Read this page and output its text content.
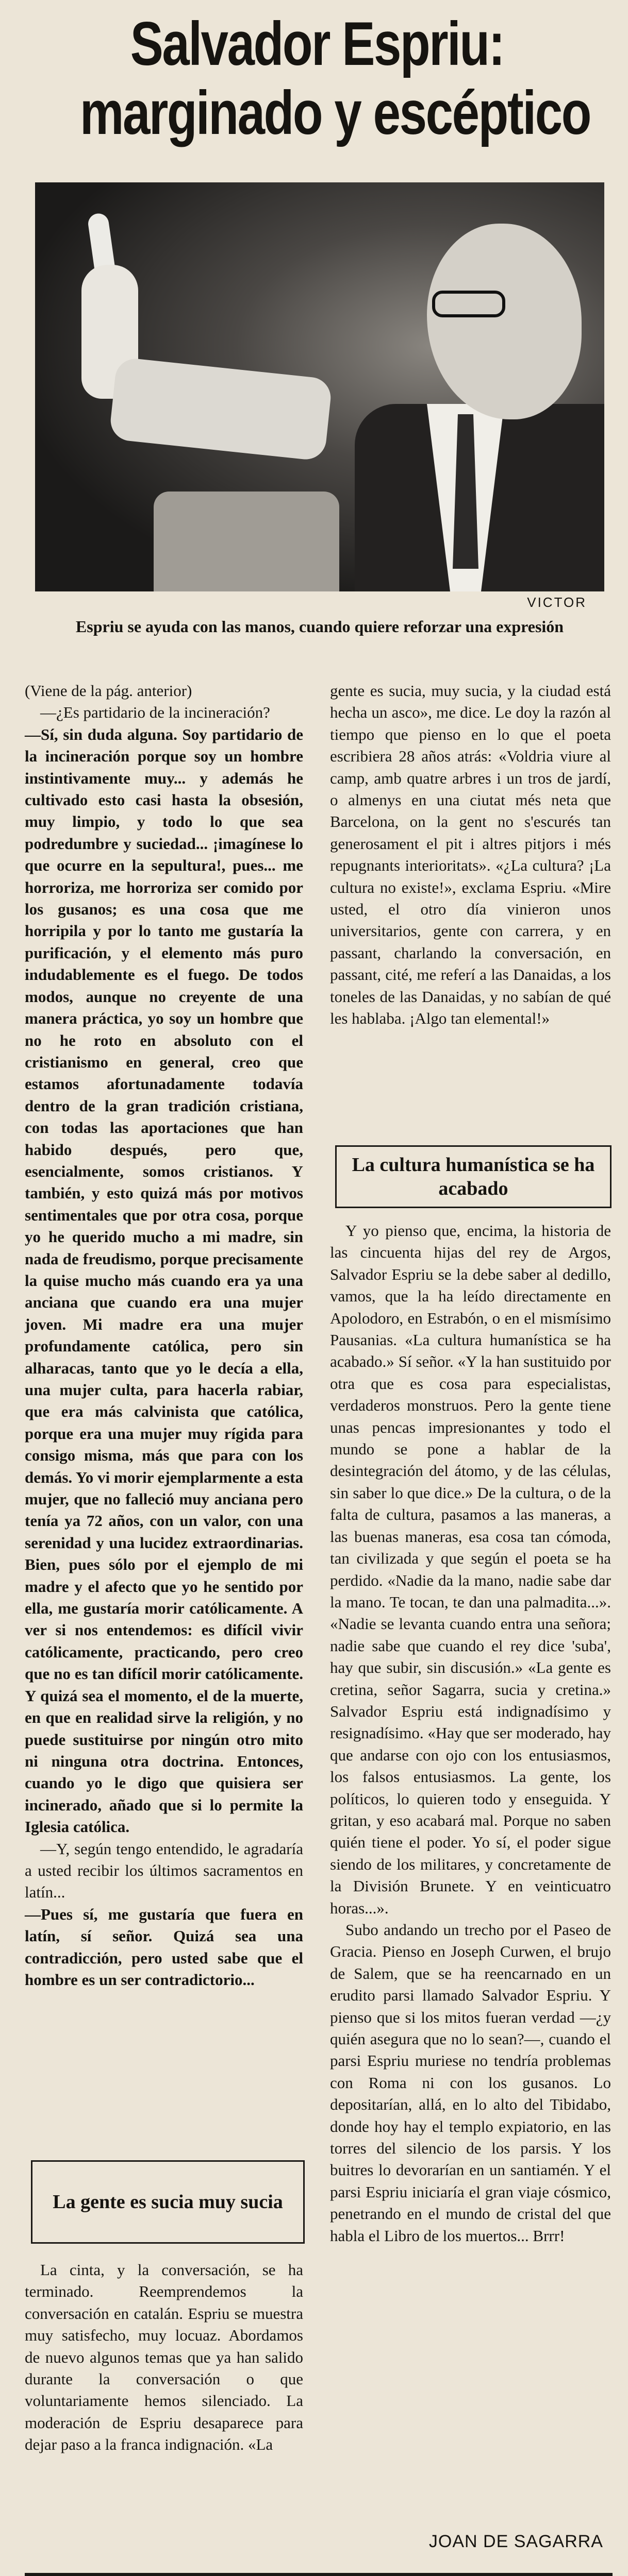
Salvador Espriu:
marginado y escéptico
VICTOR
Espriu se ayuda con las manos, cuando quiere reforzar una expresión

(Viene de la pág. anterior)

—¿Es partidario de la incineración?

—Sí, sin duda alguna. Soy partidario de la incineración porque soy un hombre instintivamente muy... y además he cultivado esto casi hasta la obsesión, muy limpio, y todo lo que sea podredumbre y suciedad... ¡imagínese lo que ocurre en la sepultura!, pues... me horroriza, me horroriza ser comido por los gusanos; es una cosa que me horripila y por lo tanto me gustaría la purificación, y el elemento más puro indudablemente es el fuego. De todos modos, aunque no creyente de una manera práctica, yo soy un hombre que no he roto en absoluto con el cristianismo en general, creo que estamos afortunadamente todavía dentro de la gran tradición cristiana, con todas las aportaciones que han habido después, pero que, esencialmente, somos cristianos. Y también, y esto quizá más por motivos sentimentales que por otra cosa, porque yo he querido mucho a mi madre, sin nada de freudismo, porque precisamente la quise mucho más cuando era ya una anciana que cuando era una mujer joven. Mi madre era una mujer profundamente católica, pero sin alharacas, tanto que yo le decía a ella, una mujer culta, para hacerla rabiar, que era más calvinista que católica, porque era una mujer muy rígida para consigo misma, más que para con los demás. Yo vi morir ejemplarmente a esta mujer, que no falleció muy anciana pero tenía ya 72 años, con un valor, con una serenidad y una lucidez extraordinarias. Bien, pues sólo por el ejemplo de mi madre y el afecto que yo he sentido por ella, me gustaría morir católicamente. A ver si nos entendemos: es difícil vivir católicamente, practicando, pero creo que no es tan difícil morir católicamente. Y quizá sea el momento, el de la muerte, en que en realidad sirve la religión, y no puede sustituirse por ningún otro mito ni ninguna otra doctrina. Entonces, cuando yo le digo que quisiera ser incinerado, añado que si lo permite la Iglesia católica.

—Y, según tengo entendido, le agradaría a usted recibir los últimos sacramentos en latín...

—Pues sí, me gustaría que fuera en latín, sí señor. Quizá sea una contradicción, pero usted sabe que el hombre es un ser contradictorio...

La gente es sucia muy sucia

La cinta, y la conversación, se ha terminado. Reemprendemos la conversación en catalán. Espriu se muestra muy satisfecho, muy locuaz. Abordamos de nuevo algunos temas que ya han salido durante la conversación o que voluntariamente hemos silenciado. La moderación de Espriu desaparece para dejar paso a la franca indignación. «La

gente es sucia, muy sucia, y la ciudad está hecha un asco», me dice. Le doy la razón al tiempo que pienso en lo que el poeta escribiera 28 años atrás: «Voldria viure al camp, amb quatre arbres i un tros de jardí, o almenys en una ciutat més neta que Barcelona, on la gent no s'escurés tan generosament el pit i altres pitjors i més repugnants interioritats». «¿La cultura? ¡La cultura no existe!», exclama Espriu. «Mire usted, el otro día vinieron unos universitarios, gente con carrera, y en passant, charlando la conversación, en passant, cité, me referí a las Danaidas, a los toneles de las Danaidas, y no sabían de qué les hablaba. ¡Algo tan elemental!»

La cultura humanística se ha acabado

Y yo pienso que, encima, la historia de las cincuenta hijas del rey de Argos, Salvador Espriu se la debe saber al dedillo, vamos, que la ha leído directamente en Apolodoro, en Estrabón, o en el mismísimo Pausanias. «La cultura humanística se ha acabado.» Sí señor. «Y la han sustituido por otra que es cosa para especialistas, verdaderos monstruos. Pero la gente tiene unas pencas impresionantes y todo el mundo se pone a hablar de la desintegración del átomo, y de las células, sin saber lo que dice.» De la cultura, o de la falta de cultura, pasamos a las maneras, a las buenas maneras, esa cosa tan cómoda, tan civilizada y que según el poeta se ha perdido. «Nadie da la mano, nadie sabe dar la mano. Te tocan, te dan una palmadita...». «Nadie se levanta cuando entra una señora; nadie sabe que cuando el rey dice 'suba', hay que subir, sin discusión.» «La gente es cretina, señor Sagarra, sucia y cretina.» Salvador Espriu está indignadísimo y resignadísimo. «Hay que ser moderado, hay que andarse con ojo con los entusiasmos, los falsos entusiasmos. La gente, los políticos, lo quieren todo y enseguida. Y gritan, y eso acabará mal. Porque no saben quién tiene el poder. Yo sí, el poder sigue siendo de los militares, y concretamente de la División Brunete. Y en veinticuatro horas...».

Subo andando un trecho por el Paseo de Gracia. Pienso en Joseph Curwen, el brujo de Salem, que se ha reencarnado en un erudito parsi llamado Salvador Espriu. Y pienso que si los mitos fueran verdad —¿y quién asegura que no lo sean?—, cuando el parsi Espriu muriese no tendría problemas con Roma ni con los gusanos. Lo depositarían, allá, en lo alto del Tibidabo, donde hoy hay el templo expiatorio, en las torres del silencio de los parsis. Y los buitres lo devorarían en un santiamén. Y el parsi Espriu iniciaría el gran viaje cósmico, penetrando en el mundo de cristal del que habla el Libro de los muertos... Brrr!

JOAN DE SAGARRA
